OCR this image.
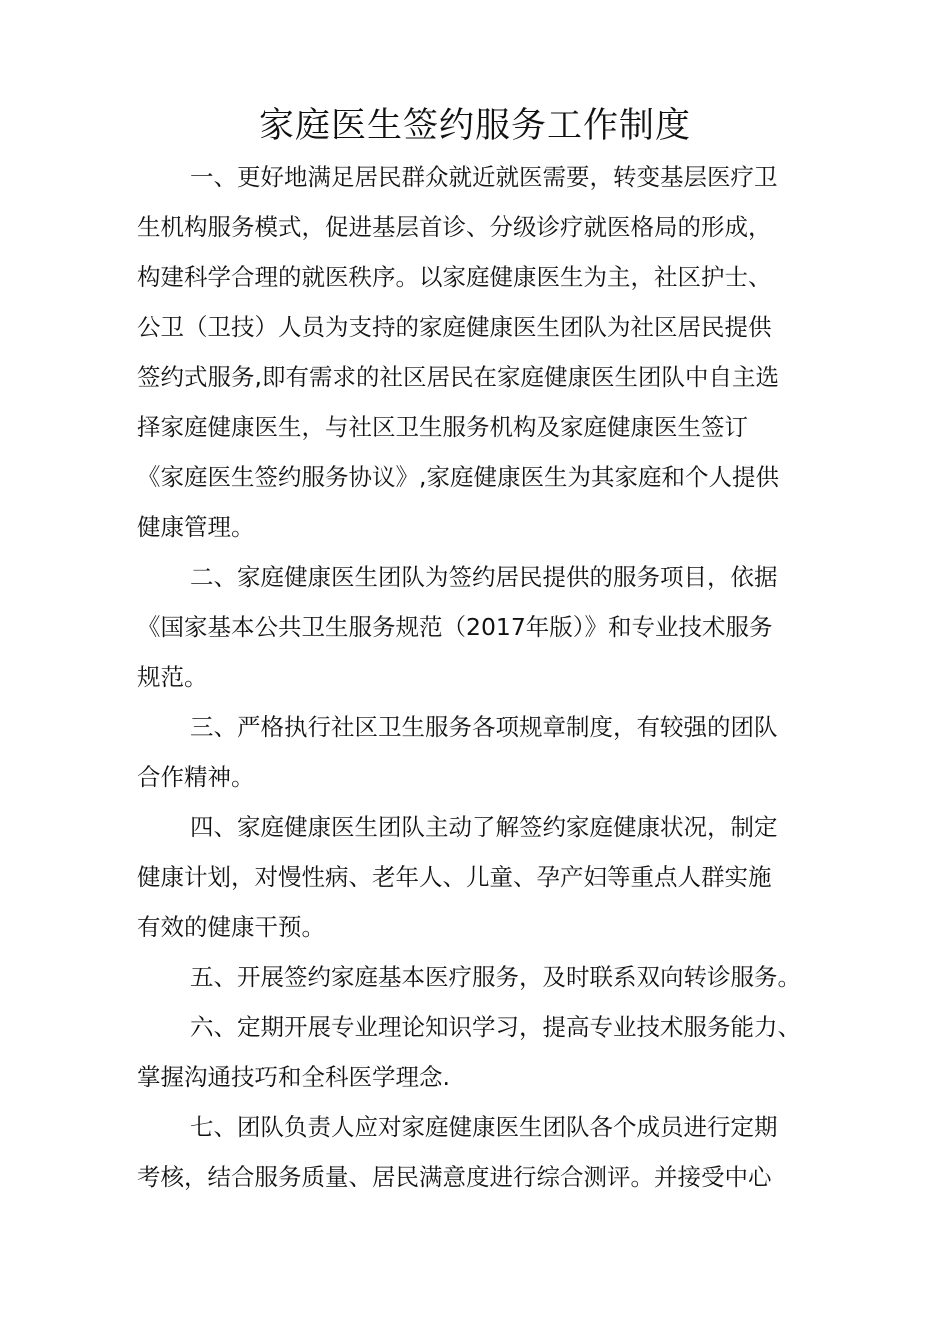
家庭医生签约服务工作制度

一、更好地满足居民群众就近就医需要，转变基层医疗卫

生机构服务模式，促进基层首诊、分级诊疗就医格局的形成，

构建科学合理的就医秩序。以家庭健康医生为主，社区护士、

公卫（卫技）人员为支持的家庭健康医生团队为社区居民提供

签约式服务,即有需求的社区居民在家庭健康医生团队中自主选

择家庭健康医生，与社区卫生服务机构及家庭健康医生签订

《家庭医生签约服务协议》,家庭健康医生为其家庭和个人提供

健康管理。

二、家庭健康医生团队为签约居民提供的服务项目，依据

《国家基本公共卫生服务规范（2017年版）》和专业技术服务

规范。

三、严格执行社区卫生服务各项规章制度，有较强的团队

合作精神。

四、家庭健康医生团队主动了解签约家庭健康状况，制定

健康计划，对慢性病、老年人、儿童、孕产妇等重点人群实施

有效的健康干预。

五、开展签约家庭基本医疗服务，及时联系双向转诊服务。

六、定期开展专业理论知识学习，提高专业技术服务能力、

掌握沟通技巧和全科医学理念.

七、团队负责人应对家庭健康医生团队各个成员进行定期

考核，结合服务质量、居民满意度进行综合测评。并接受中心
